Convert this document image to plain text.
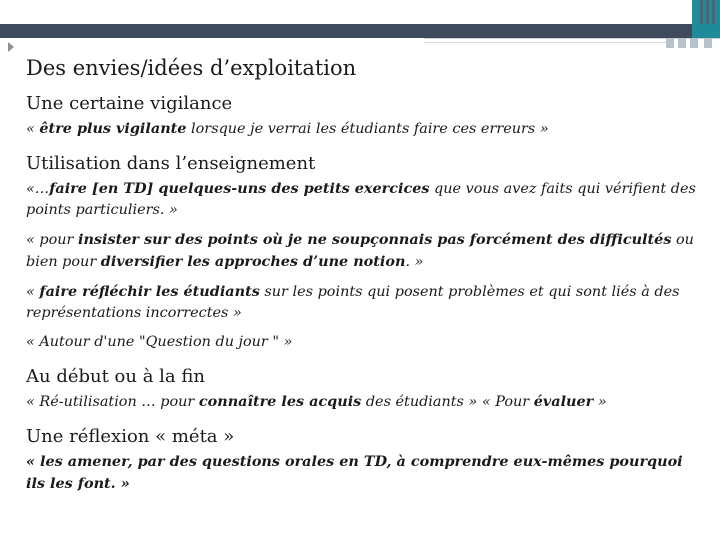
Des envies/idées d’exploitation
Une certaine vigilance

« être plus vigilante lorsque je verrai les étudiants faire ces erreurs »

Utilisation dans l’enseignement

«…faire [en TD] quelques-uns des petits exercices que vous avez faits qui vérifient des points particuliers. »

« pour insister sur des points où je ne soupçonnais pas forcément des difficultés ou bien pour diversifier les approches d’une notion. »

« faire réfléchir les étudiants sur les points qui posent problèmes et qui sont liés à des représentations incorrectes »

« Autour d'une "Question du jour " »

Au début ou à la fin

« Ré-utilisation … pour connaître les acquis des étudiants » « Pour évaluer »

Une réflexion « méta »

« les amener, par des questions orales en TD, à comprendre eux-mêmes pourquoi ils les font. »
